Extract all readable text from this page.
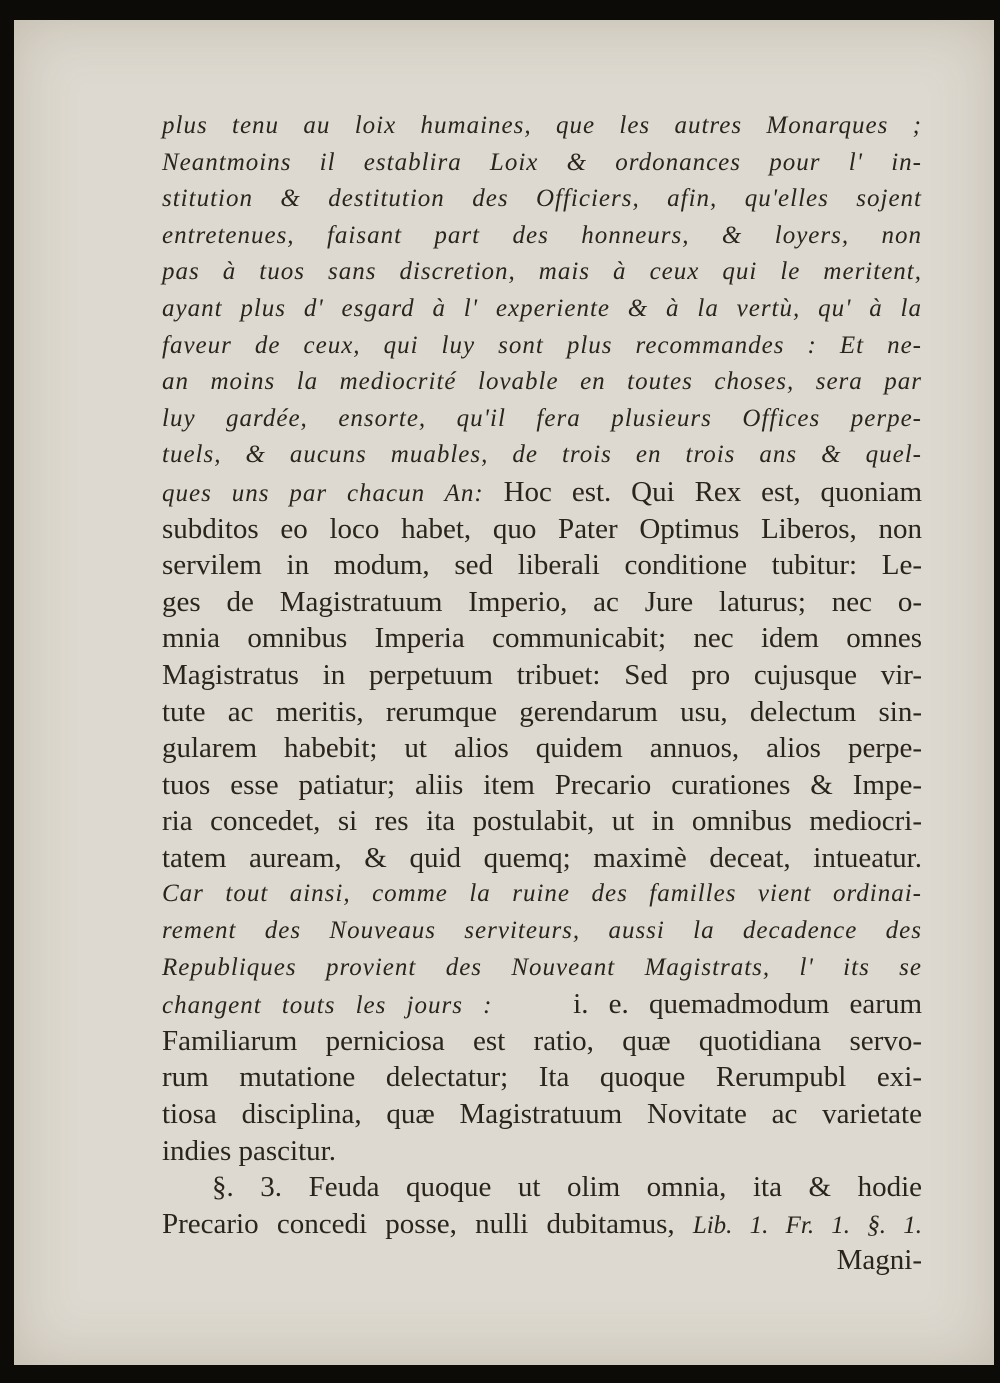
plus tenu au loix humaines, que les autres Monarques ;
Neantmoins il establira Loix & ordonances pour l' in-
stitution & destitution des Officiers, afin, qu'elles sojent
entretenues, faisant part des honneurs, & loyers, non
pas à tuos sans discretion, mais à ceux qui le meritent,
ayant plus d' esgard à l' experiente & à la vertù, qu' à la
faveur de ceux, qui luy sont plus recommandes : Et ne-
an moins la mediocrité lovable en toutes choses, sera par
luy gardée, ensorte, qu'il fera plusieurs Offices perpe-
tuels, & aucuns muables, de trois en trois ans & quel-
ques uns par chacun An: Hoc est. Qui Rex est, quoniam
subditos eo loco habet, quo Pater Optimus Liberos, non
servilem in modum, sed liberali conditione tubitur: Le-
ges de Magistratuum Imperio, ac Jure laturus; nec o-
mnia omnibus Imperia communicabit; nec idem omnes
Magistratus in perpetuum tribuet: Sed pro cujusque vir-
tute ac meritis, rerumque gerendarum usu, delectum sin-
gularem habebit; ut alios quidem annuos, alios perpe-
tuos esse patiatur; aliis item Precario curationes & Impe-
ria concedet, si res ita postulabit, ut in omnibus mediocri-
tatem auream, & quid quemq; maximè deceat, intueatur.
Car tout ainsi, comme la ruine des familles vient ordinai-
rement des Nouveaus serviteurs, aussi la decadence des
Republiques provient des Nouveant Magistrats, l' its se
changent touts les jours :	i. e. quemadmodum earum
Familiarum perniciosa est ratio, quæ quotidiana servo-
rum mutatione delectatur; Ita quoque Rerumpubl exi-
tiosa disciplina, quæ Magistratuum Novitate ac varietate
indies pascitur.
§. 3. Feuda quoque ut olim omnia, ita & hodie
Precario concedi posse, nulli dubitamus, Lib. 1. Fr. 1. §. 1.
Magni-
